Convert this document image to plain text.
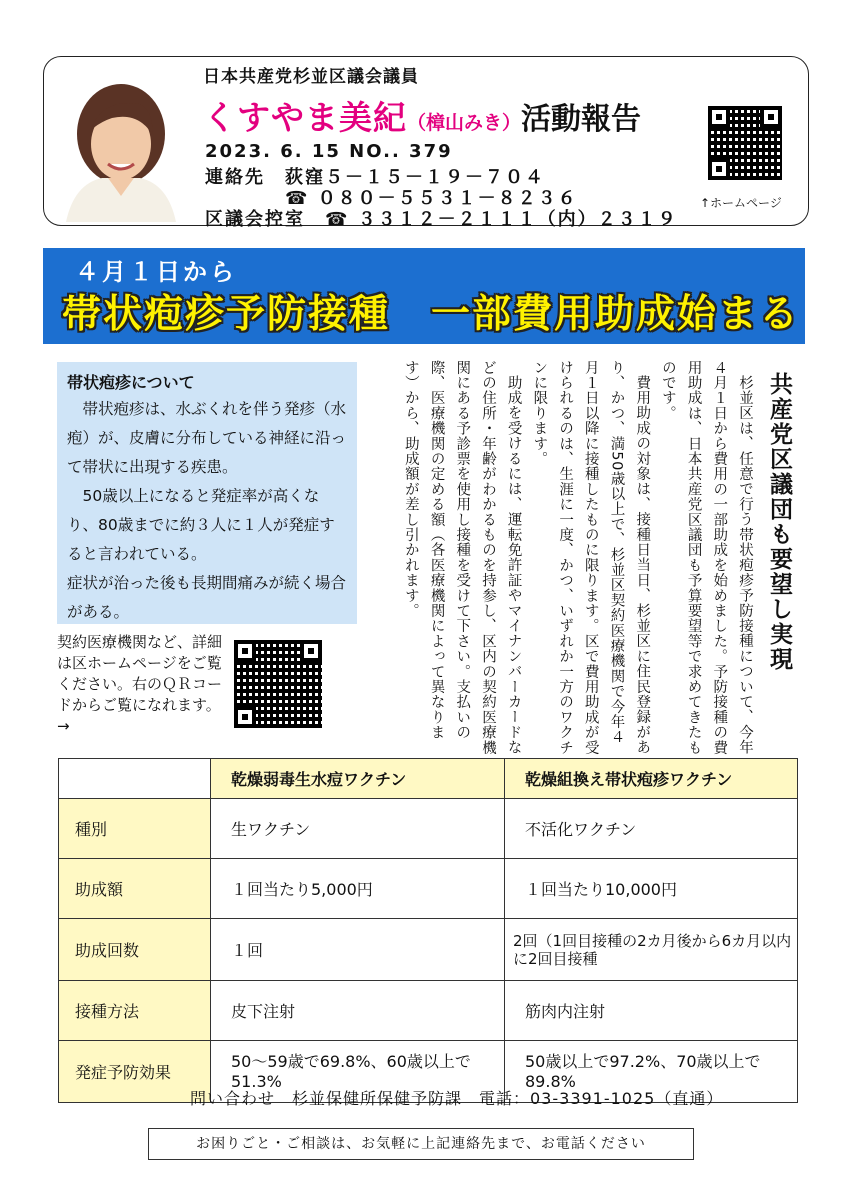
日本共産党杉並区議会議員
くすやま美紀（樟山みき）活動報告
2023. 6. 15 NO.. 379
連絡先　 荻窪５－１５－１９－７０４
☎ ０８０－５５３１－８２３６
区議会控室　 ☎ ３３１２－２１１１（内）２３１９
↑ホームページ
４月１日から
帯状疱疹予防接種　一部費用助成始まる
帯状疱疹について

帯状疱疹は、水ぶくれを伴う発疹（水疱）が、皮膚に分布している神経に沿って帯状に出現する疾患。

50歳以上になると発症率が高くなり、80歳までに約３人に１人が発症すると言われている。

症状が治った後も長期間痛みが続く場合がある。

契約医療機関など、詳細は区ホームページをご覧ください。右のＱＲコードからご覧になれます。→
共産党区議団も要望し実現

杉並区は、任意で行う帯状疱疹予防接種について、今年４月１日から費用の一部助成を始めました。予防接種の費用助成は、日本共産党区議団も予算要望等で求めてきたものです。

費用助成の対象は、接種日当日、杉並区に住民登録があり、かつ、満50歳以上で、杉並区契約医療機関で今年４月１日以降に接種したものに限ります。区で費用助成が受けられるのは、生涯に一度、かつ、いずれか一方のワクチンに限ります。

助成を受けるには、運転免許証やマイナンバーカードなどの住所・年齢がわかるものを持参し、区内の契約医療機関にある予診票を使用し接種を受けて下さい。支払いの際、医療機関の定める額（各医療機関によって異なります）から、助成額が差し引かれます。

	乾燥弱毒生水痘ワクチン	乾燥組換え帯状疱疹ワクチン
種別	生ワクチン	不活化ワクチン
助成額	１回当たり5,000円	１回当たり10,000円
助成回数	１回	2回（1回目接種の2カ月後から6カ月以内に2回目接種
接種方法	皮下注射	筋肉内注射
発症予防効果	50～59歳で69.8%、60歳以上で51.3%	50歳以上で97.2%、70歳以上で89.8%
問い合わせ　杉並保健所保健予防課　電話：03-3391-1025（直通）
お困りごと・ご相談は、お気軽に上記連絡先まで、お電話ください
